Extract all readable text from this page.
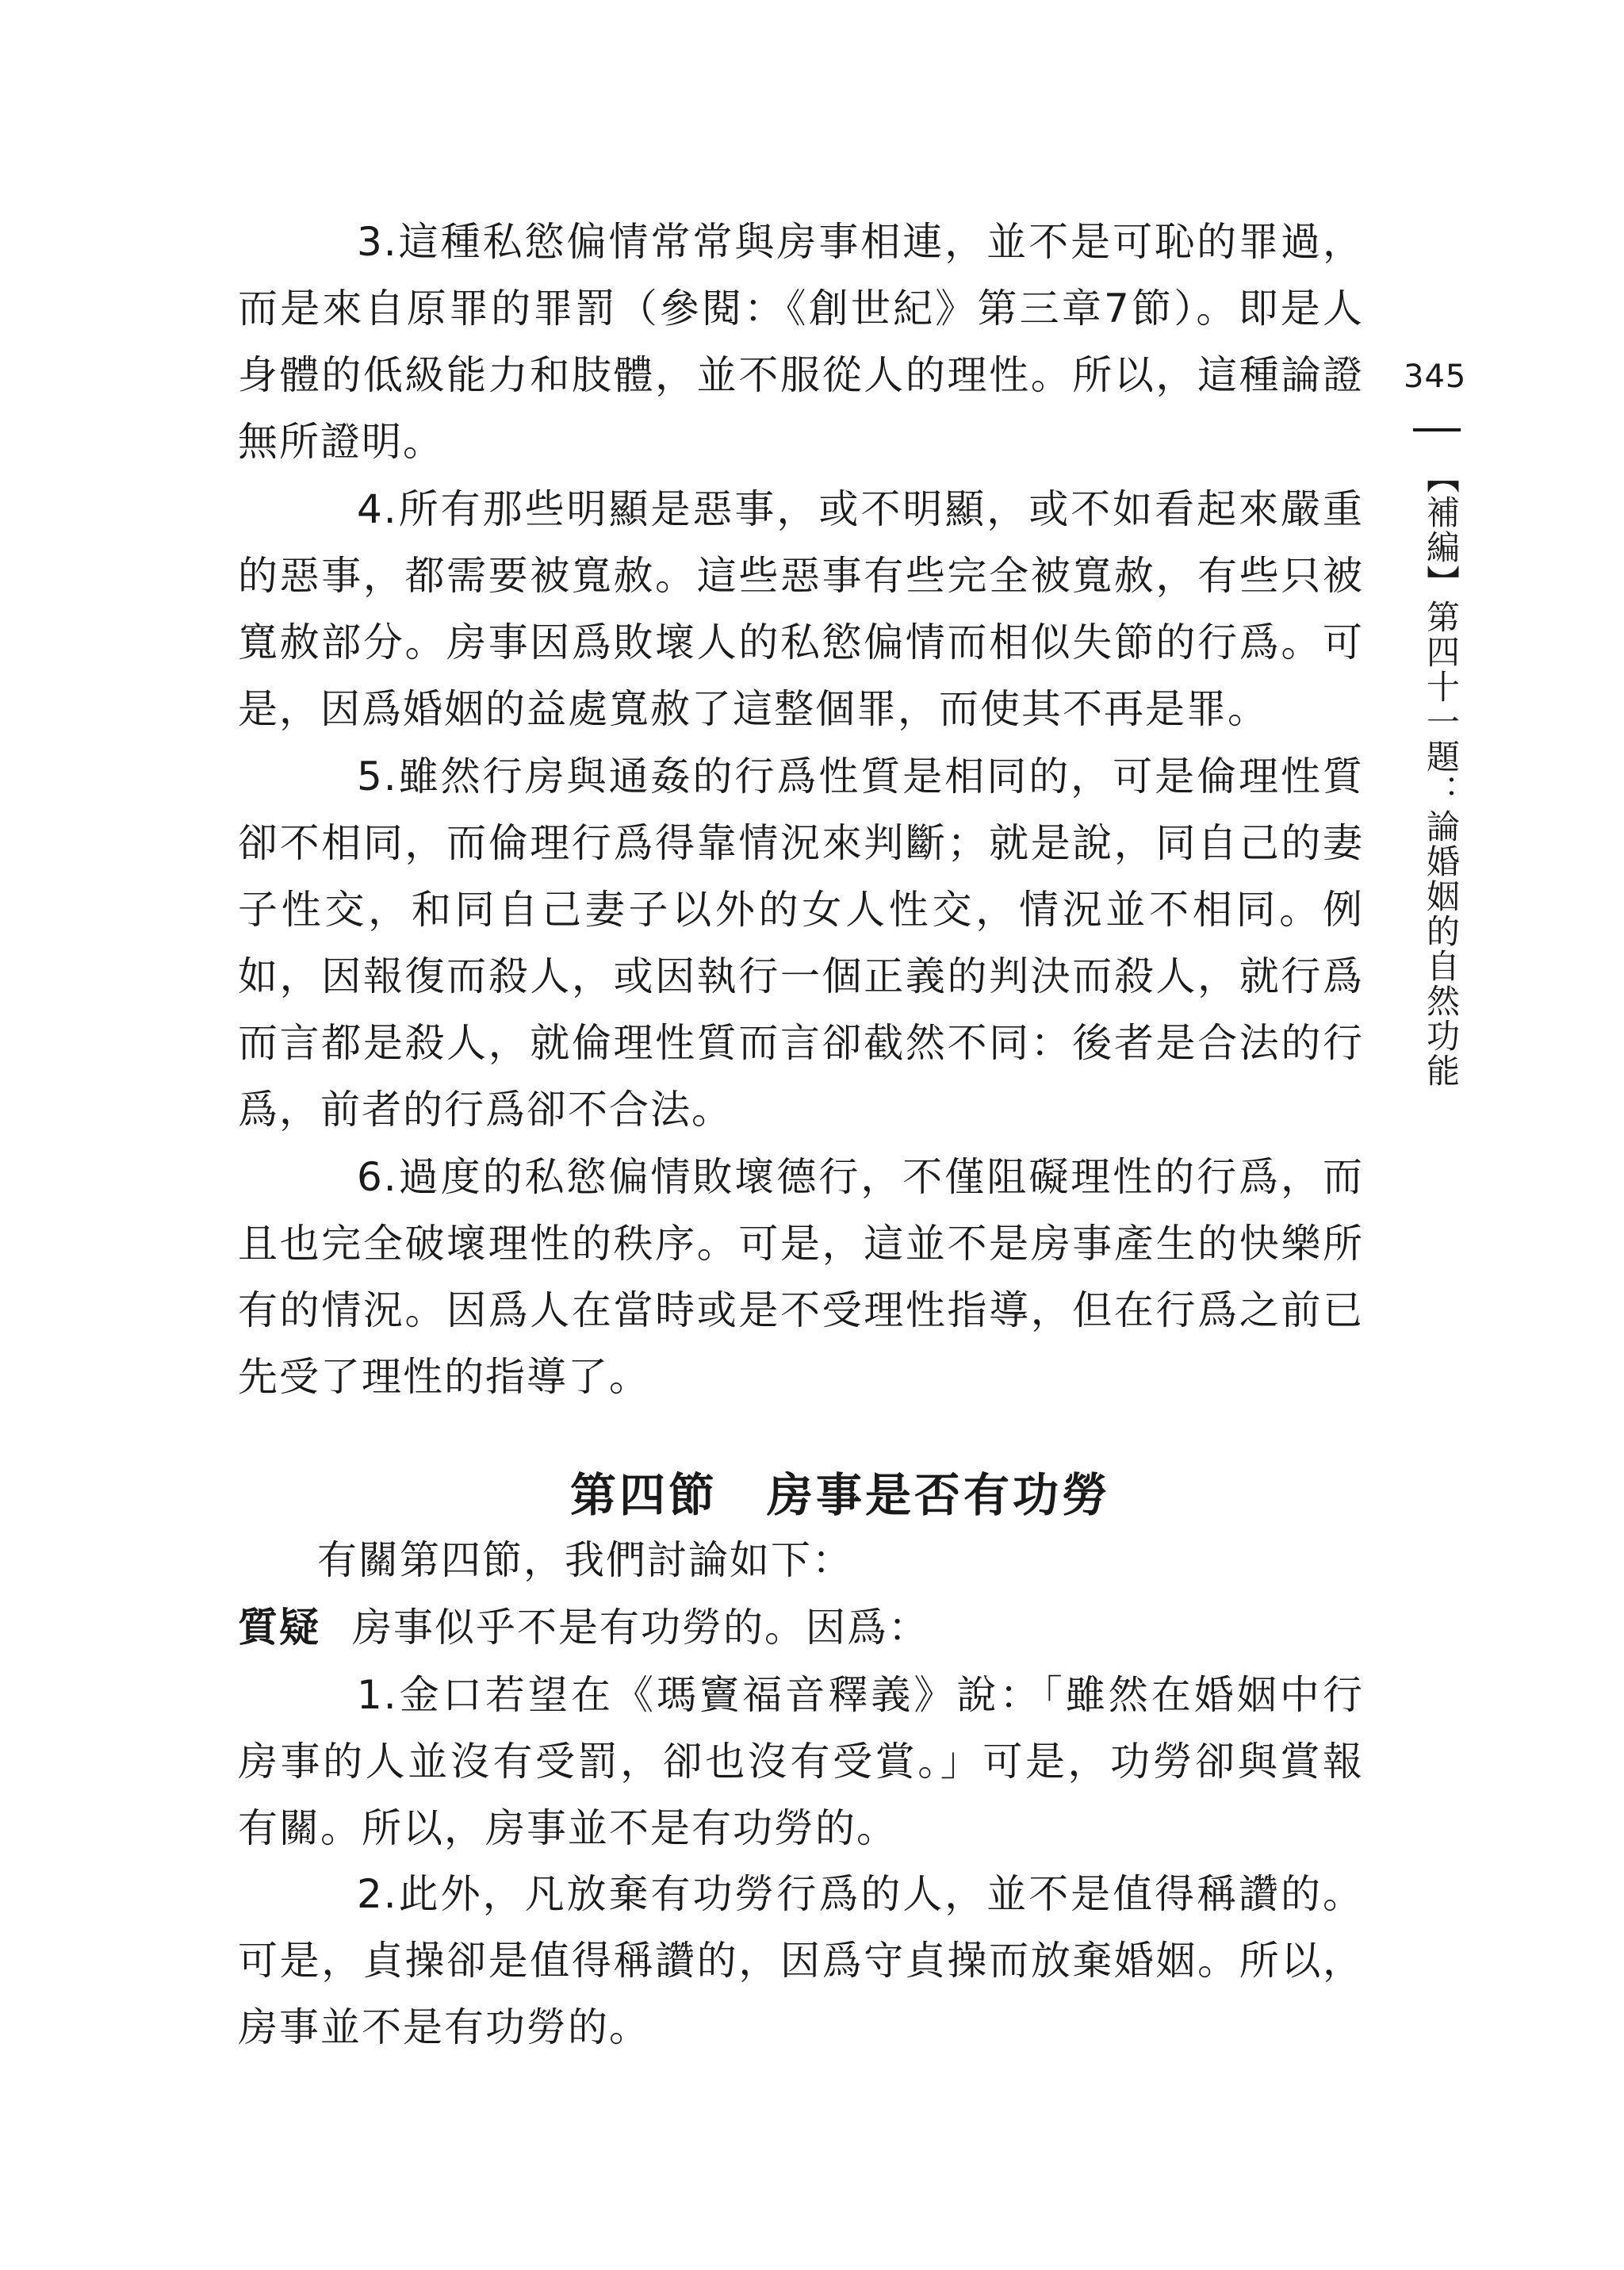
3.這種私慾偏情常常與房事相連，並不是可恥的罪過，而是來自原罪的罪罰（參閱：《創世紀》第三章7節）。即是人身體的低級能力和肢體，並不服從人的理性。所以，這種論證無所證明。

4.所有那些明顯是惡事，或不明顯，或不如看起來嚴重的惡事，都需要被寬赦。這些惡事有些完全被寬赦，有些只被寬赦部分。房事因爲敗壞人的私慾偏情而相似失節的行爲。可是，因爲婚姻的益處寬赦了這整個罪，而使其不再是罪。

5.雖然行房與通姦的行爲性質是相同的，可是倫理性質卻不相同，而倫理行爲得靠情況來判斷；就是說，同自己的妻子性交，和同自己妻子以外的女人性交，情況並不相同。例如，因報復而殺人，或因執行一個正義的判決而殺人，就行爲而言都是殺人，就倫理性質而言卻截然不同：後者是合法的行爲，前者的行爲卻不合法。

6.過度的私慾偏情敗壞德行，不僅阻礙理性的行爲，而且也完全破壞理性的秩序。可是，這並不是房事產生的快樂所有的情況。因爲人在當時或是不受理性指導，但在行爲之前已先受了理性的指導了。

第四節　房事是否有功勞

有關第四節，我們討論如下：

質疑 房事似乎不是有功勞的。因爲：

1.金口若望在《瑪竇福音釋義》說：「雖然在婚姻中行房事的人並沒有受罰，卻也沒有受賞。」可是，功勞卻與賞報有關。所以，房事並不是有功勞的。

2.此外，凡放棄有功勞行爲的人，並不是值得稱讚的。可是，貞操卻是值得稱讚的，因爲守貞操而放棄婚姻。所以，房事並不是有功勞的。

345
【補編】第四十一題：論婚姻的自然功能
